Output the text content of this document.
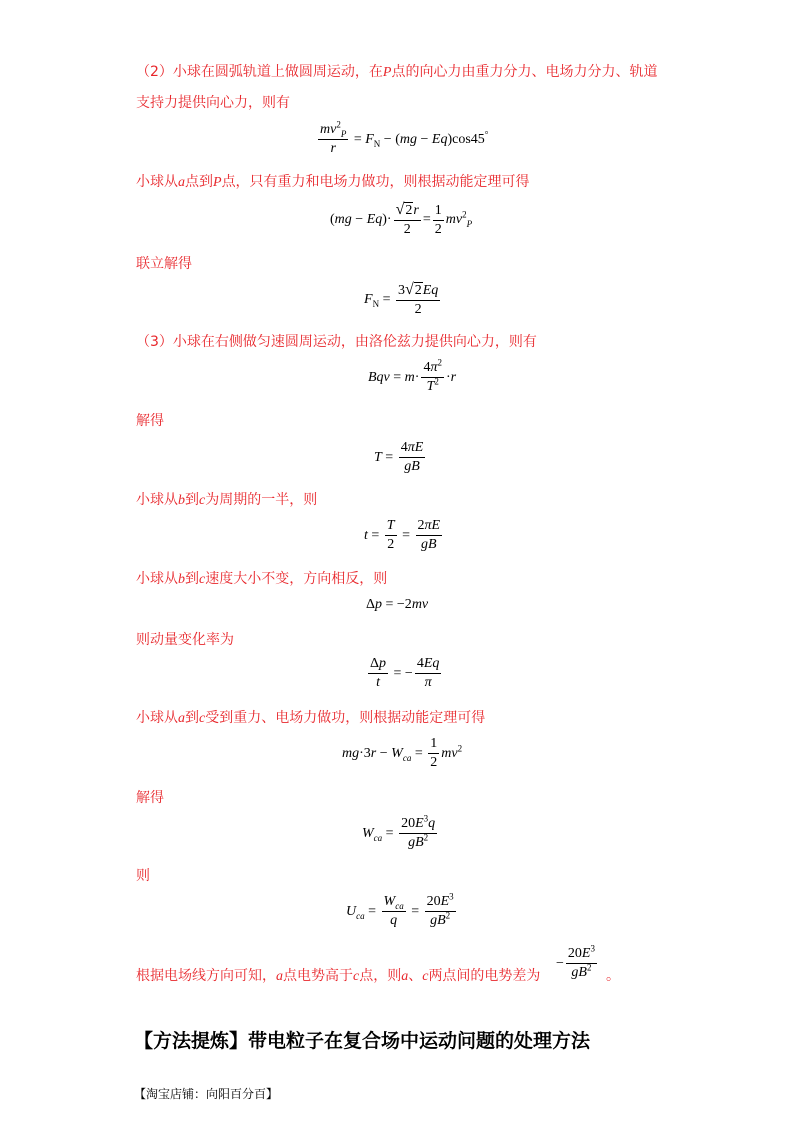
（2）小球在圆弧轨道上做圆周运动，在P点的向心力由重力分力、电场力分力、轨道
支持力提供向心力，则有
$\frac{mv^2_P}{r} = F_N - (mg - Eq)\cos 45^\circ$
小球从a点到P点，只有重力和电场力做功，则根据动能定理可得
$(mg - Eq)\cdot \frac{√ 2 r}{2} = \frac{1}{2} mv^2_P$
联立解得
$F_N = \frac{3 √ 2 Eq}{2}$
（3）小球在右侧做匀速圆周运动，由洛伦兹力提供向心力，则有
Bqv = $m\cdot \frac{4\pi^2}{T^2} \cdot r$
解得
$T = \frac{4\pi E}{gB}$
小球从b到c为周期的一半，则
$t = \frac{T}{2} = \frac{2\pi E}{gB}$
小球从b到c速度大小不变，方向相反，则
Δp = −2mv
则动量变化率为
$\frac{\Delta p}{t}$ = − $\frac{4Eq}{\pi}$
小球从a到c受到重力、电场力做功，则根据动能定理可得
$mg\cdot 3r - W_{ca} = \frac{1}{2} mv^2$
解得
$W_{ca} = \frac{20E^3q}{gB^2}$
则
$U_{ca} = \frac{W_{ca}}{q} = \frac{20E^3}{gB^2}$
根据电场线方向可知，a点电势高于c点，则a、c两点间的电势差为
− $\frac{20E^3}{gB^2}$ 。
【方法提炼】带电粒子在复合场中运动问题的处理方法
【淘宝店铺：向阳百分百】
